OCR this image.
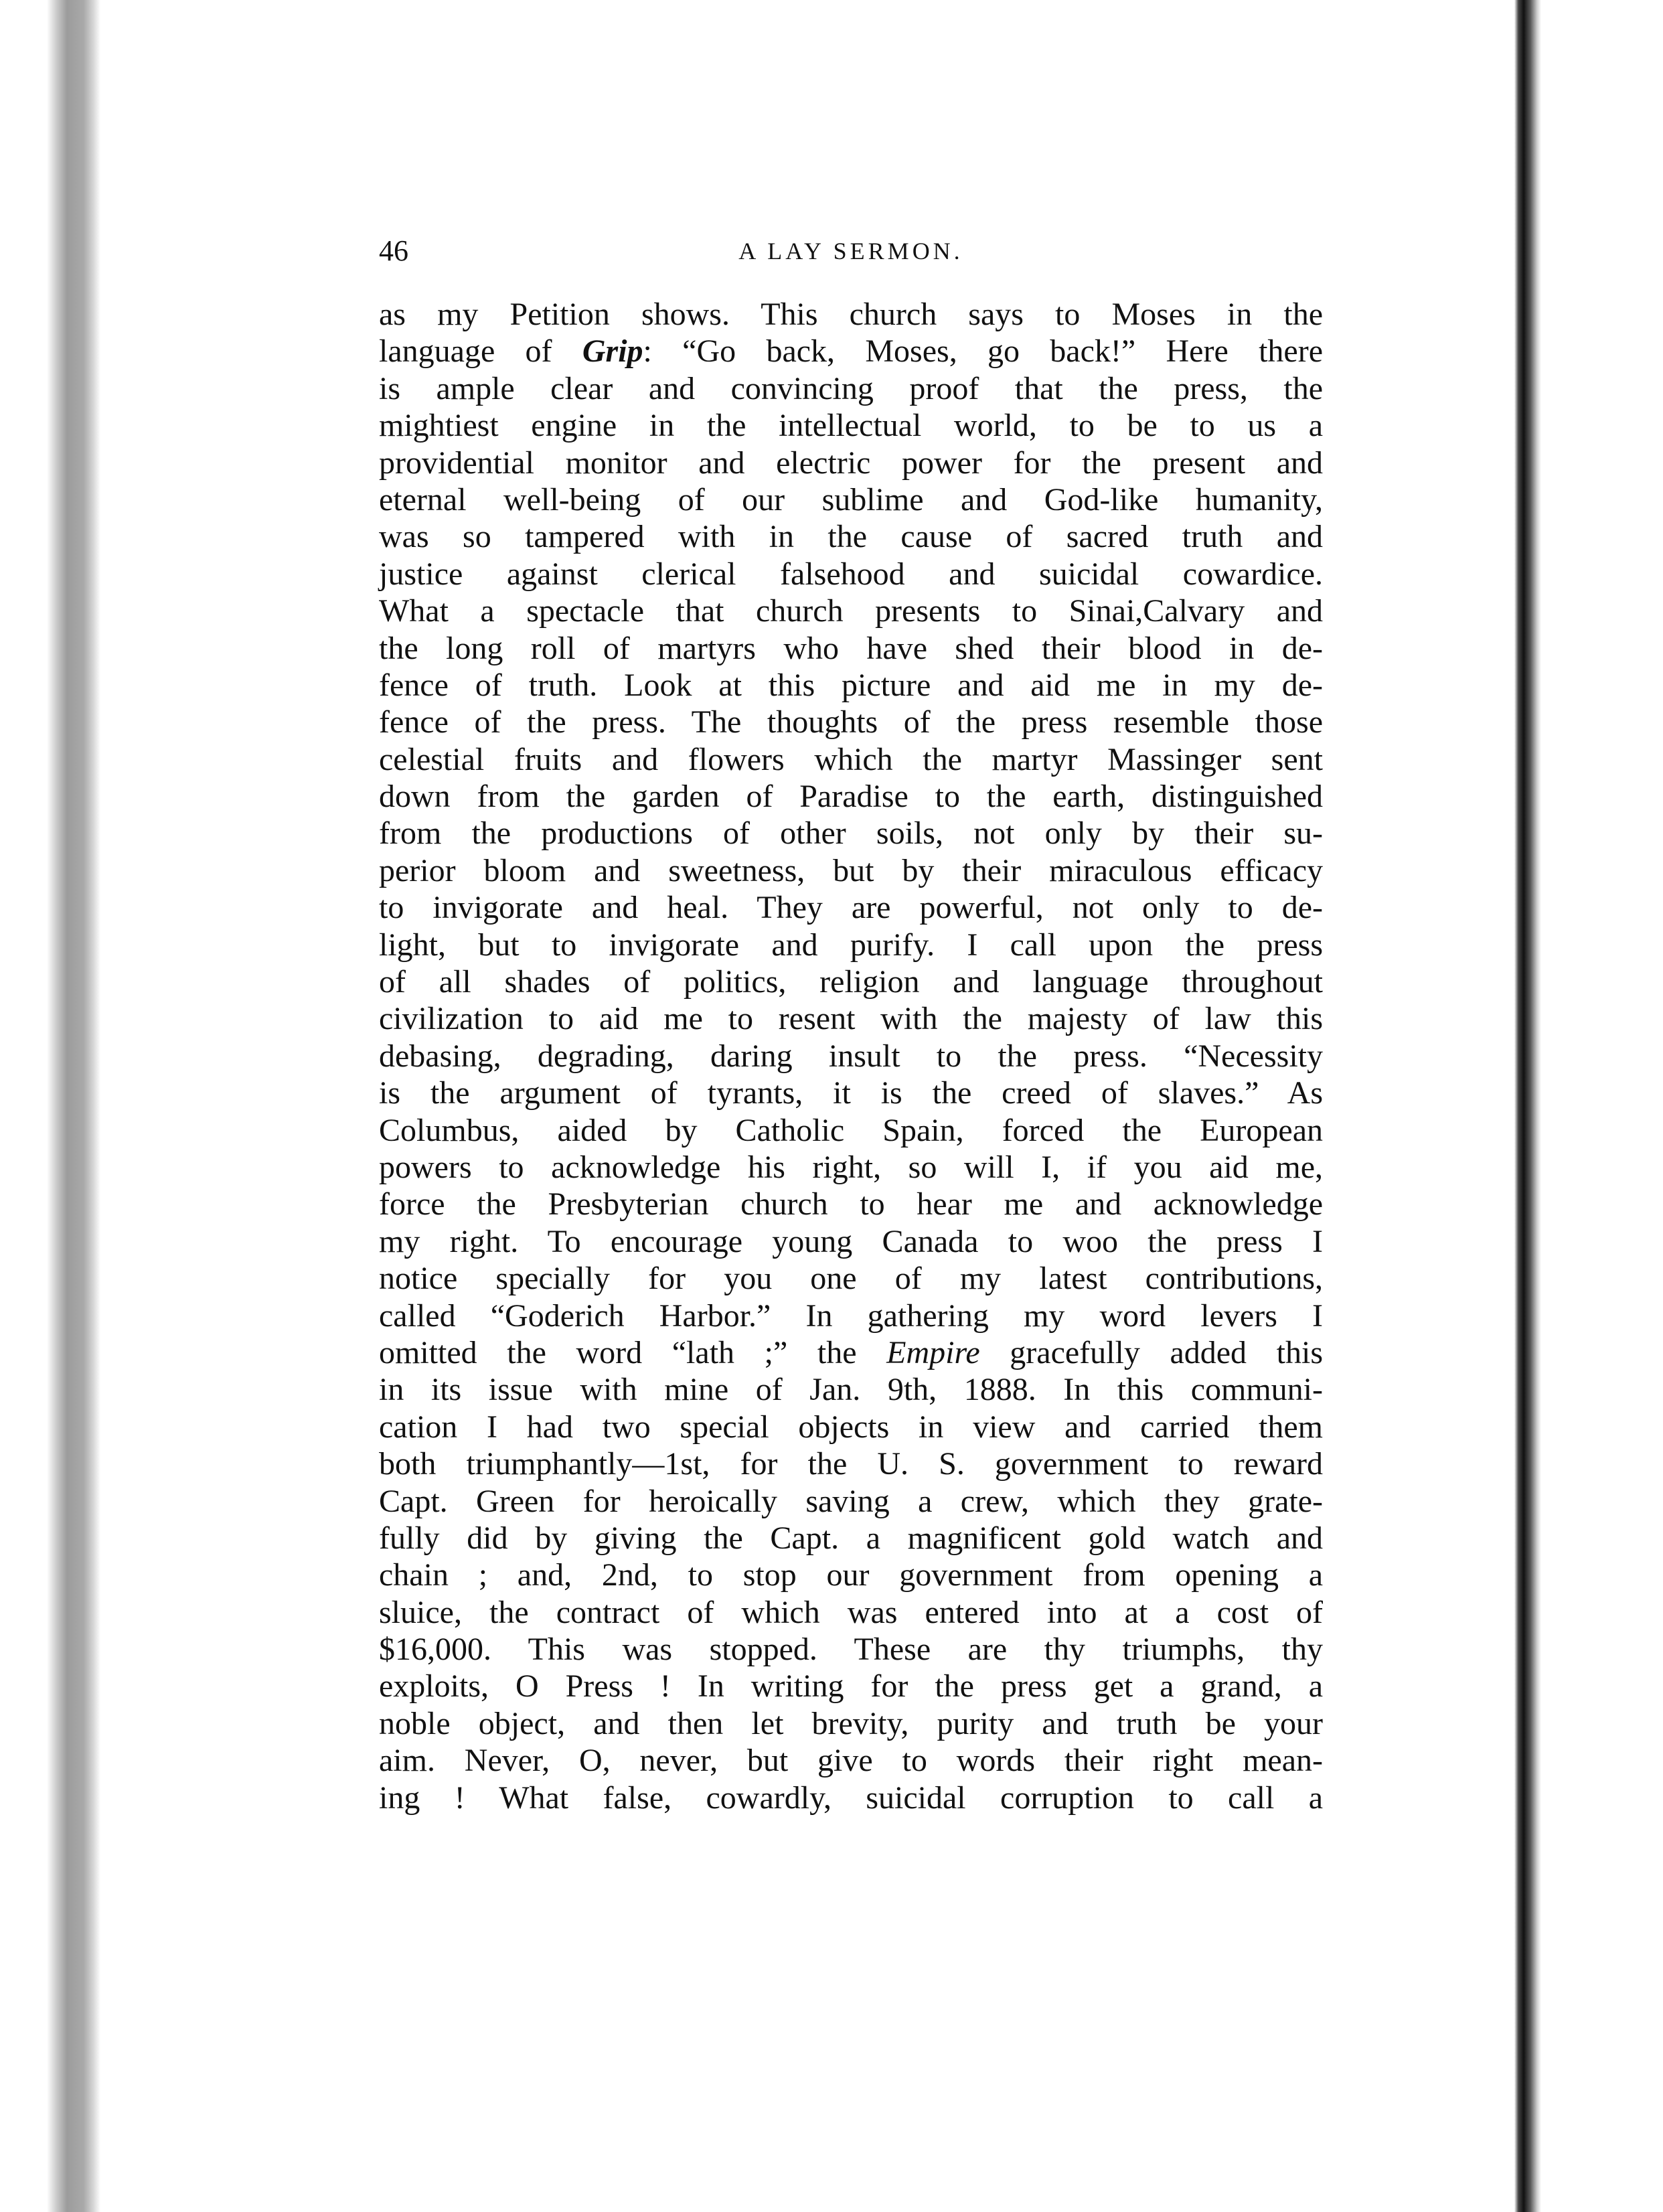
46	A LAY SERMON.
as my Petition shows. This church says to Moses in the
language of Grip: “Go back, Moses, go back!” Here there
is ample clear and convincing proof that the press, the
mightiest engine in the intellectual world, to be to us a
providential monitor and electric power for the present and
eternal well-being of our sublime and God-like humanity,
was so tampered with in the cause of sacred truth and
justice against clerical falsehood and suicidal cowardice.
What a spectacle that church presents to Sinai,Calvary and
the long roll of martyrs who have shed their blood in de-
fence of truth. Look at this picture and aid me in my de-
fence of the press. The thoughts of the press resemble those
celestial fruits and flowers which the martyr Massinger sent
down from the garden of Paradise to the earth, distinguished
from the productions of other soils, not only by their su-
perior bloom and sweetness, but by their miraculous efficacy
to invigorate and heal. They are powerful, not only to de-
light, but to invigorate and purify. I call upon the press
of all shades of politics, religion and language throughout
civilization to aid me to resent with the majesty of law this
debasing, degrading, daring insult to the press. “Necessity
is the argument of tyrants, it is the creed of slaves.” As
Columbus, aided by Catholic Spain, forced the European
powers to acknowledge his right, so will I, if you aid me,
force the Presbyterian church to hear me and acknowledge
my right. To encourage young Canada to woo the press I
notice specially for you one of my latest contributions,
called “Goderich Harbor.” In gathering my word levers I
omitted the word “lath ;” the Empire gracefully added this
in its issue with mine of Jan. 9th, 1888. In this communi-
cation I had two special objects in view and carried them
both triumphantly—1st, for the U. S. government to reward
Capt. Green for heroically saving a crew, which they grate-
fully did by giving the Capt. a magnificent gold watch and
chain ; and, 2nd, to stop our government from opening a
sluice, the contract of which was entered into at a cost of
$16,000. This was stopped. These are thy triumphs, thy
exploits, O Press ! In writing for the press get a grand, a
noble object, and then let brevity, purity and truth be your
aim. Never, O, never, but give to words their right mean-
ing ! What false, cowardly, suicidal corruption to call a
